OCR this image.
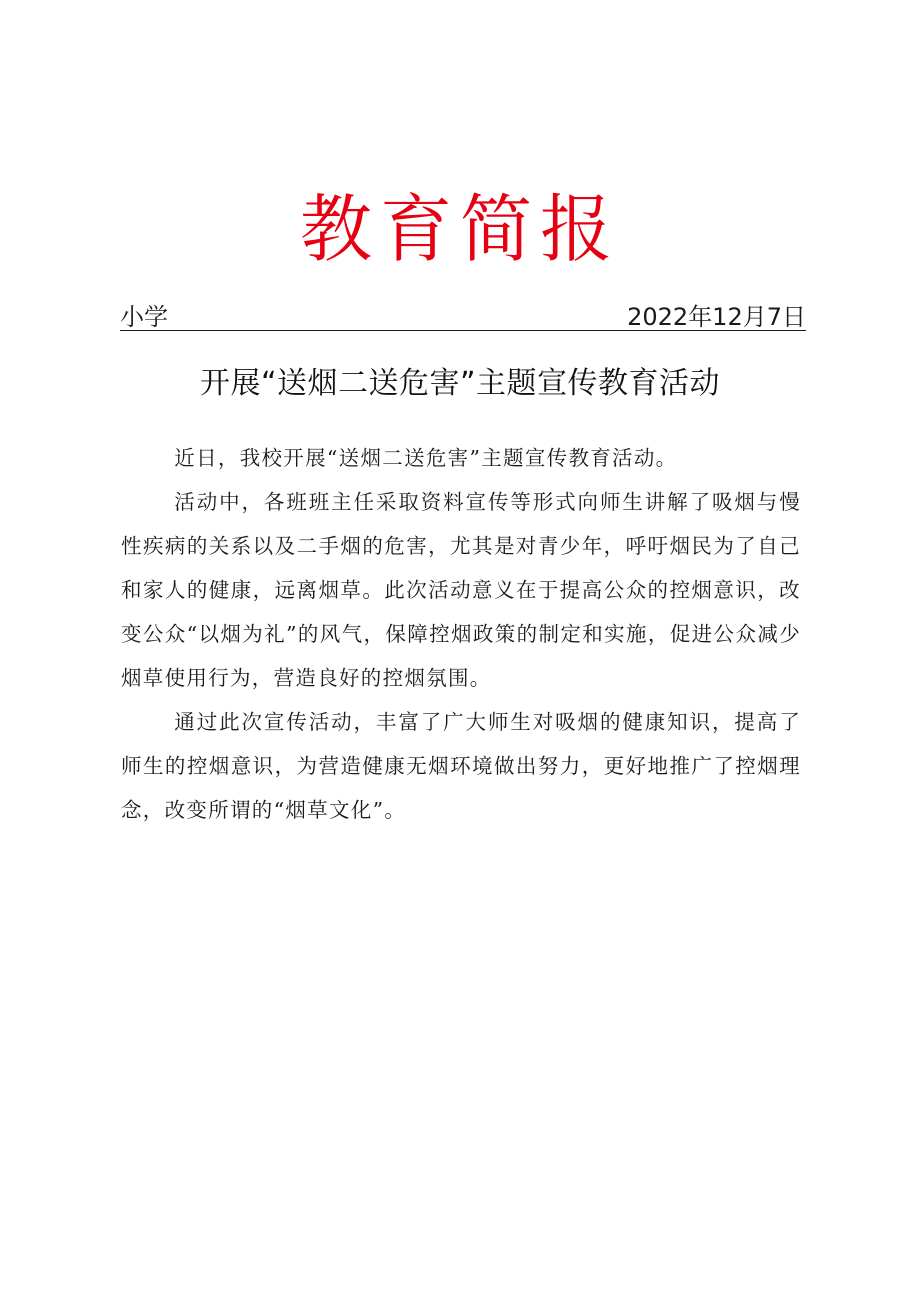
教育简报
小学	2022年12月7日
开展“送烟二送危害”主题宣传教育活动

近日，我校开展“送烟二送危害”主题宣传教育活动。

活动中，各班班主任采取资料宣传等形式向师生讲解了吸烟与慢性疾病的关系以及二手烟的危害，尤其是对青少年，呼吁烟民为了自己和家人的健康，远离烟草。此次活动意义在于提高公众的控烟意识，改变公众“以烟为礼”的风气，保障控烟政策的制定和实施，促进公众减少烟草使用行为，营造良好的控烟氛围。

通过此次宣传活动，丰富了广大师生对吸烟的健康知识，提高了师生的控烟意识，为营造健康无烟环境做出努力，更好地推广了控烟理念，改变所谓的“烟草文化”。
